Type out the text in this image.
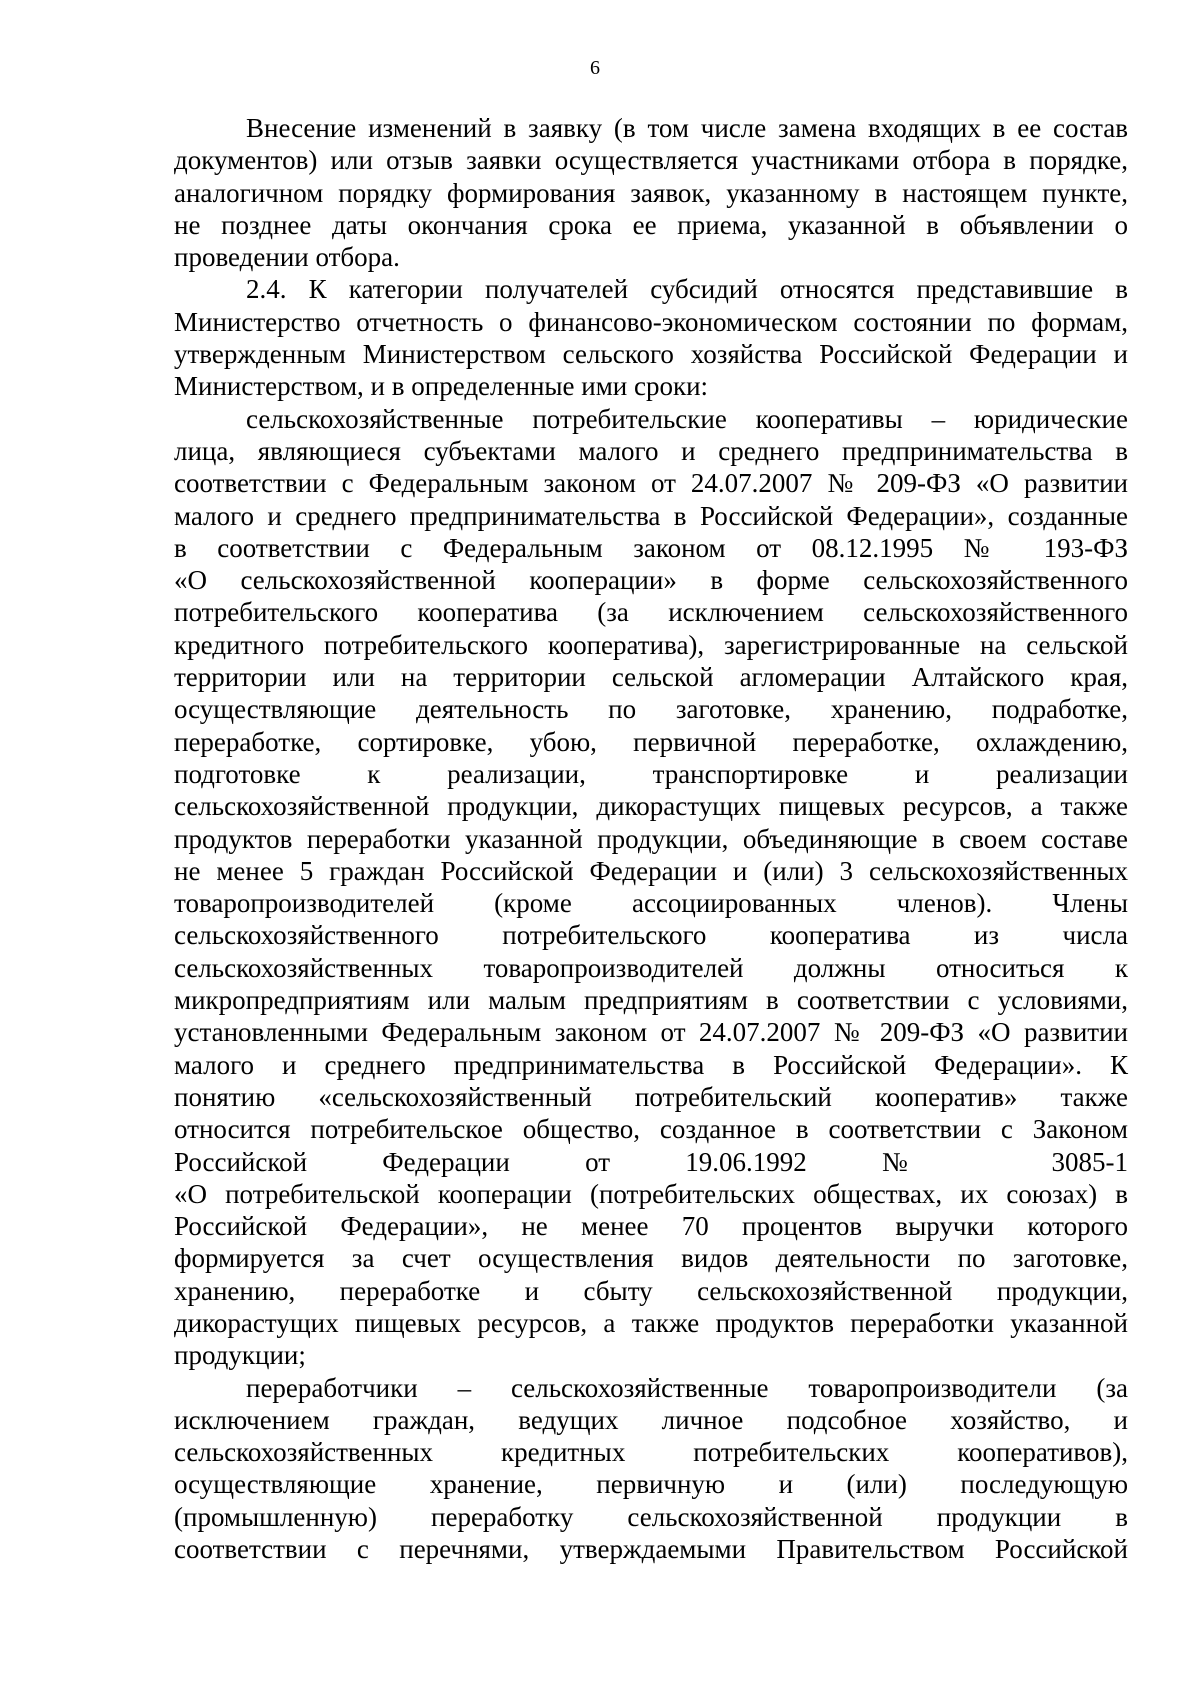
6
Внесение изменений в заявку (в том числе замена входящих в ее состав
документов) или отзыв заявки осуществляется участниками отбора в порядке,
аналогичном порядку формирования заявок, указанному в настоящем пункте,
не позднее даты окончания срока ее приема, указанной в объявлении о
проведении отбора.
2.4. К категории получателей субсидий относятся представившие в
Министерство отчетность о финансово-экономическом состоянии по формам,
утвержденным Министерством сельского хозяйства Российской Федерации и
Министерством, и в определенные ими сроки:
сельскохозяйственные потребительские кооперативы – юридические
лица, являющиеся субъектами малого и среднего предпринимательства в
соответствии с Федеральным законом от 24.07.2007 № 209-ФЗ «О развитии
малого и среднего предпринимательства в Российской Федерации», созданные
в соответствии с Федеральным законом от 08.12.1995 № 193-ФЗ
«О сельскохозяйственной кооперации» в форме сельскохозяйственного
потребительского кооператива (за исключением сельскохозяйственного
кредитного потребительского кооператива), зарегистрированные на сельской
территории или на территории сельской агломерации Алтайского края,
осуществляющие деятельность по заготовке, хранению, подработке,
переработке, сортировке, убою, первичной переработке, охлаждению,
подготовке к реализации, транспортировке и реализации
сельскохозяйственной продукции, дикорастущих пищевых ресурсов, а также
продуктов переработки указанной продукции, объединяющие в своем составе
не менее 5 граждан Российской Федерации и (или) 3 сельскохозяйственных
товаропроизводителей (кроме ассоциированных членов). Члены
сельскохозяйственного потребительского кооператива из числа
сельскохозяйственных товаропроизводителей должны относиться к
микропредприятиям или малым предприятиям в соответствии с условиями,
установленными Федеральным законом от 24.07.2007 № 209-ФЗ «О развитии
малого и среднего предпринимательства в Российской Федерации». К
понятию «сельскохозяйственный потребительский кооператив» также
относится потребительское общество, созданное в соответствии с Законом
Российской Федерации от 19.06.1992 № 3085-1
«О потребительской кооперации (потребительских обществах, их союзах) в
Российской Федерации», не менее 70 процентов выручки которого
формируется за счет осуществления видов деятельности по заготовке,
хранению, переработке и сбыту сельскохозяйственной продукции,
дикорастущих пищевых ресурсов, а также продуктов переработки указанной
продукции;
переработчики – сельскохозяйственные товаропроизводители (за
исключением граждан, ведущих личное подсобное хозяйство, и
сельскохозяйственных кредитных потребительских кооперативов),
осуществляющие хранение, первичную и (или) последующую
(промышленную) переработку сельскохозяйственной продукции в
соответствии с перечнями, утверждаемыми Правительством Российской
